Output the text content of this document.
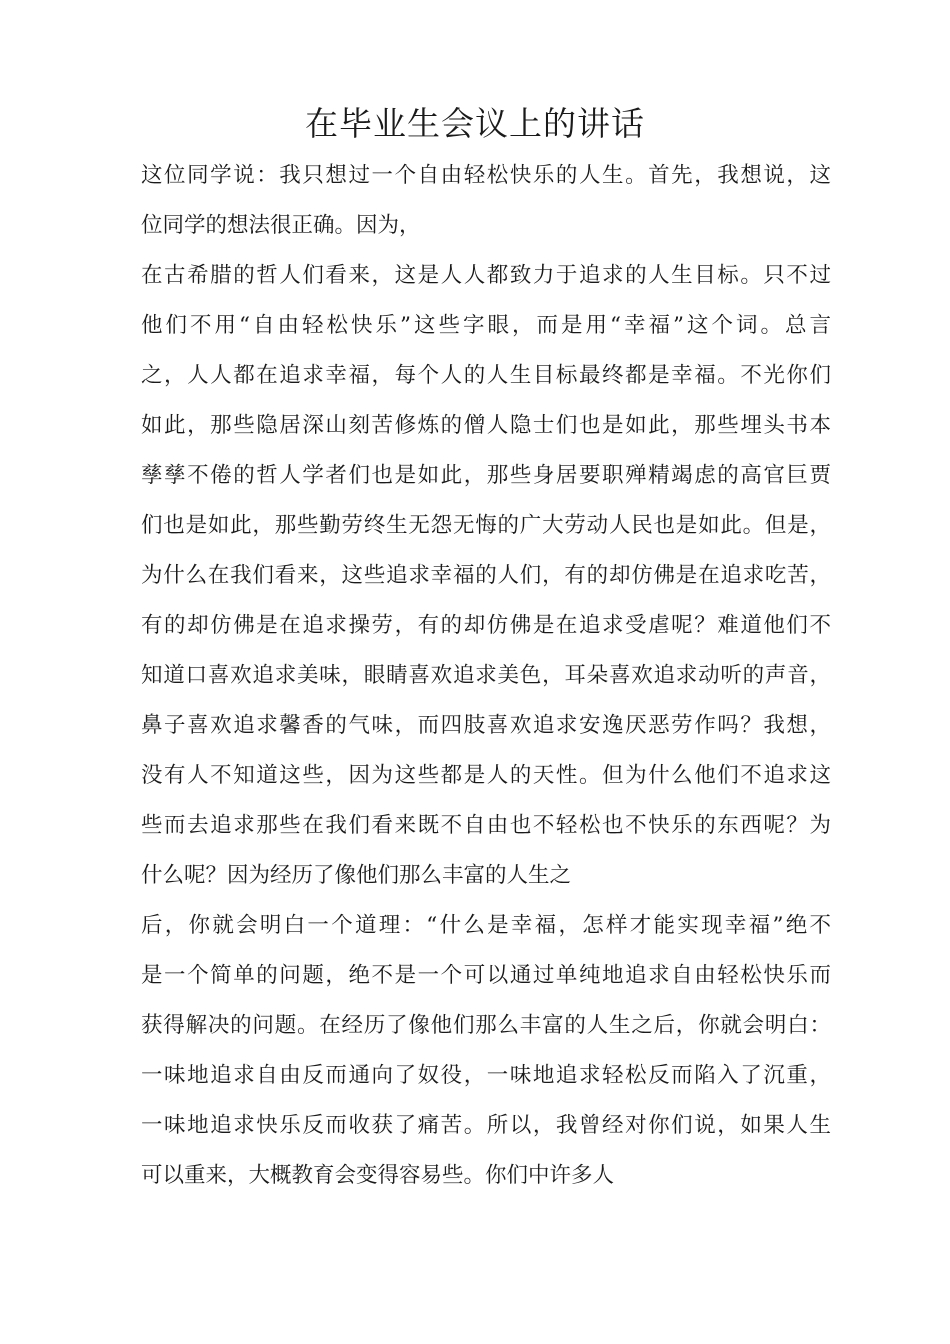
在毕业生会议上的讲话
这位同学说：我只想过一个自由轻松快乐的人生。首先，我想说，这
位同学的想法很正确。因为，
在古希腊的哲人们看来，这是人人都致力于追求的人生目标。只不过
他们不用“自由轻松快乐”这些字眼，而是用“幸福”这个词。总言
之，人人都在追求幸福，每个人的人生目标最终都是幸福。不光你们
如此，那些隐居深山刻苦修炼的僧人隐士们也是如此，那些埋头书本
孳孳不倦的哲人学者们也是如此，那些身居要职殚精竭虑的高官巨贾
们也是如此，那些勤劳终生无怨无悔的广大劳动人民也是如此。但是，
为什么在我们看来，这些追求幸福的人们，有的却仿佛是在追求吃苦，
有的却仿佛是在追求操劳，有的却仿佛是在追求受虐呢？难道他们不
知道口喜欢追求美味，眼睛喜欢追求美色，耳朵喜欢追求动听的声音，
鼻子喜欢追求馨香的气味，而四肢喜欢追求安逸厌恶劳作吗？我想，
没有人不知道这些，因为这些都是人的天性。但为什么他们不追求这
些而去追求那些在我们看来既不自由也不轻松也不快乐的东西呢？为
什么呢？因为经历了像他们那么丰富的人生之
后，你就会明白一个道理：“什么是幸福，怎样才能实现幸福”绝不
是一个简单的问题，绝不是一个可以通过单纯地追求自由轻松快乐而
获得解决的问题。在经历了像他们那么丰富的人生之后，你就会明白：
一味地追求自由反而通向了奴役，一味地追求轻松反而陷入了沉重，
一味地追求快乐反而收获了痛苦。所以，我曾经对你们说，如果人生
可以重来，大概教育会变得容易些。你们中许多人
